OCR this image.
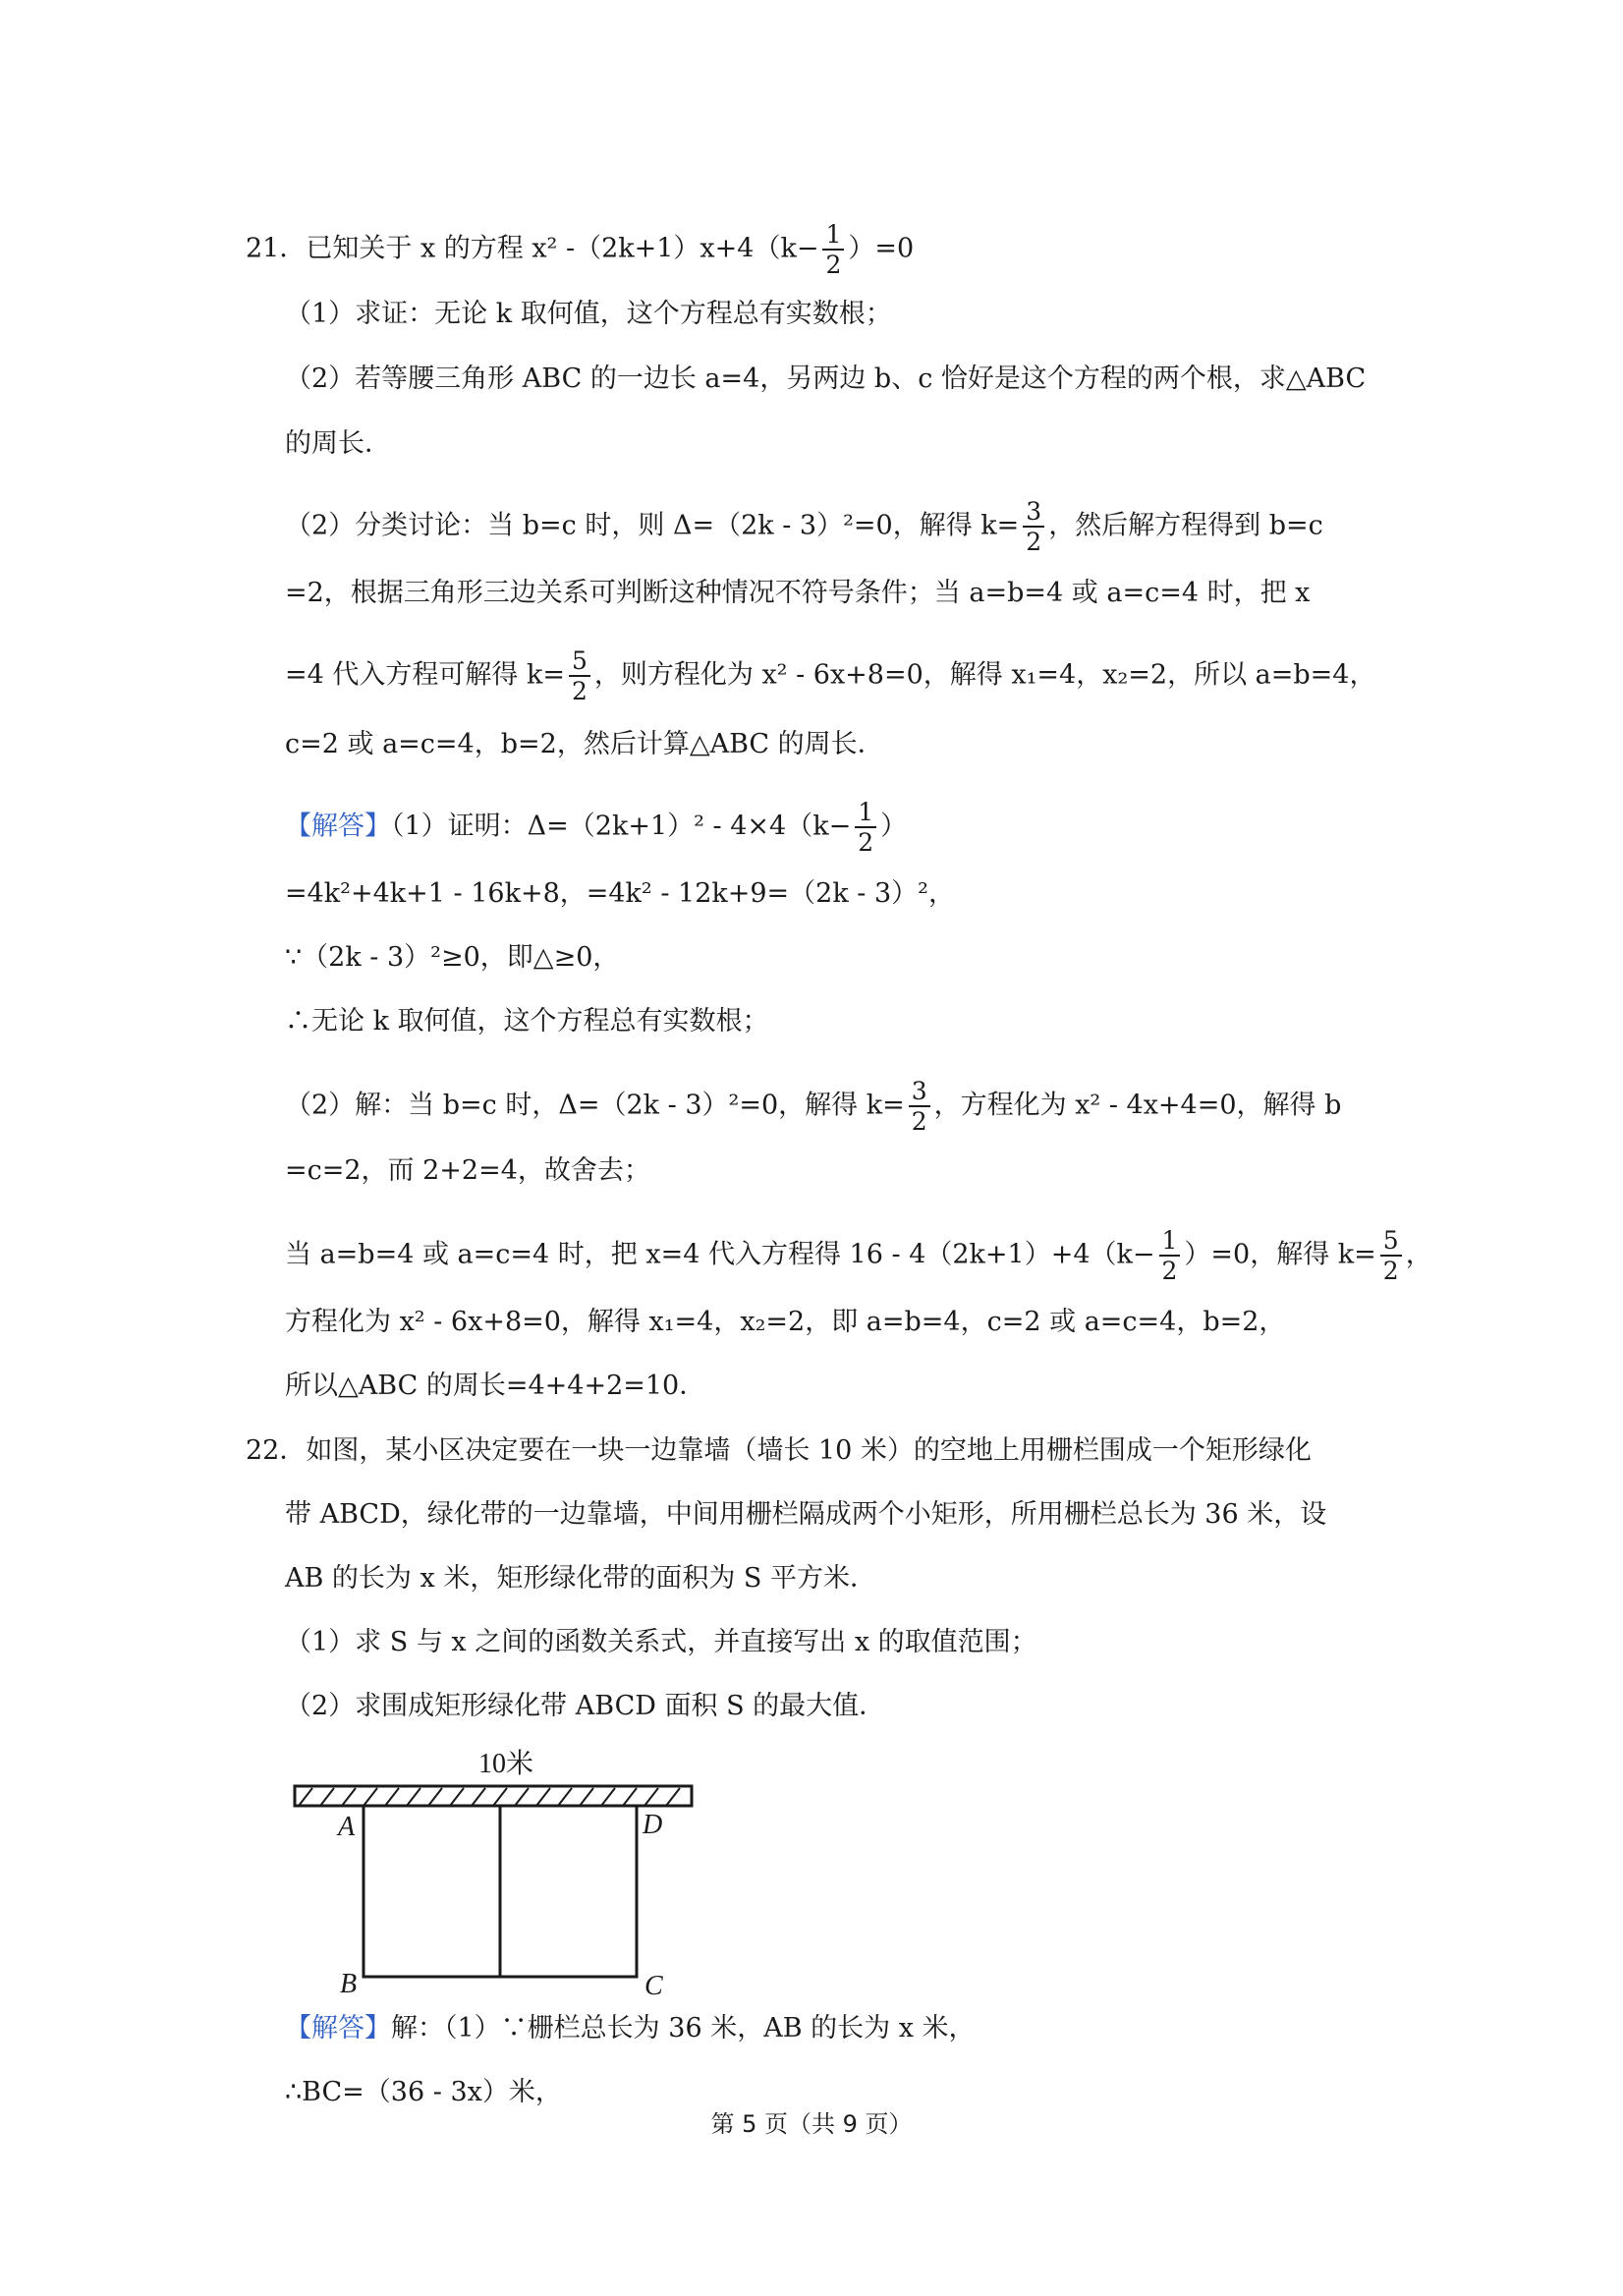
21．已知关于 x 的方程 x² $-(2k+1)x+4(k- \frac{1}{2} )=0$
（1）求证：无论 k 取何值，这个方程总有实数根；
（2）若等腰三角形 ABC 的一边长 a=4，另两边 b、c 恰好是这个方程的两个根，求△ABC
的周长．
（2）分类讨论：当 b=c 时，则 Δ=（2k - 3）²=0，解得 $k= \frac{3}{2}$ ，然后解方程得到 b=c
=2，根据三角形三边关系可判断这种情况不符号条件；当 a=b=4 或 a=c=4 时，把 x
=4 代入方程可解得 $k= \frac{5}{2}$ ，则方程化为 x² - 6x+8=0，解得 x₁=4，x₂=2，所以 a=b=4，
c=2 或 a=c=4，b=2，然后计算△ABC 的周长．
【解答】（1）证明：$\Delta=(2k+1)^2 - 4\times 4(k- \frac{1}{2}$ ）
=4k²+4k+1 - 16k+8，=4k² - 12k+9=（2k - 3）²，
∵（2k - 3）²≥0，即△≥0，
∴无论 k 取何值，这个方程总有实数根；
（2）解：当 b=c 时，Δ=（2k - 3）²=0，解得 $k= \frac{3}{2}$ ，方程化为 x² - 4x+4=0，解得 b
=c=2，而 2+2=4，故舍去；
当 a=b=4 或 a=c=4 时，把 x=4 代入方程得 $16 - 4(2k+1)+4(k- \frac{1}{2} )=0$，解得 $k= \frac{5}{2}$ ，
方程化为 x² - 6x+8=0，解得 x₁=4，x₂=2，即 a=b=4，c=2 或 a=c=4，b=2，
所以△ABC 的周长=4+4+2=10．
22．如图，某小区决定要在一块一边靠墙（墙长 10 米）的空地上用栅栏围成一个矩形绿化
带 ABCD，绿化带的一边靠墙，中间用栅栏隔成两个小矩形，所用栅栏总长为 36 米，设
AB 的长为 x 米，矩形绿化带的面积为 S 平方米．
（1）求 S 与 x 之间的函数关系式，并直接写出 x 的取值范围；
（2）求围成矩形绿化带 ABCD 面积 S 的最大值．
10米
A	D
B	C
【解答】解：（1）∵栅栏总长为 36 米，AB 的长为 x 米，
∴BC=（36 - 3x）米，
第 5 页（共 9 页）
